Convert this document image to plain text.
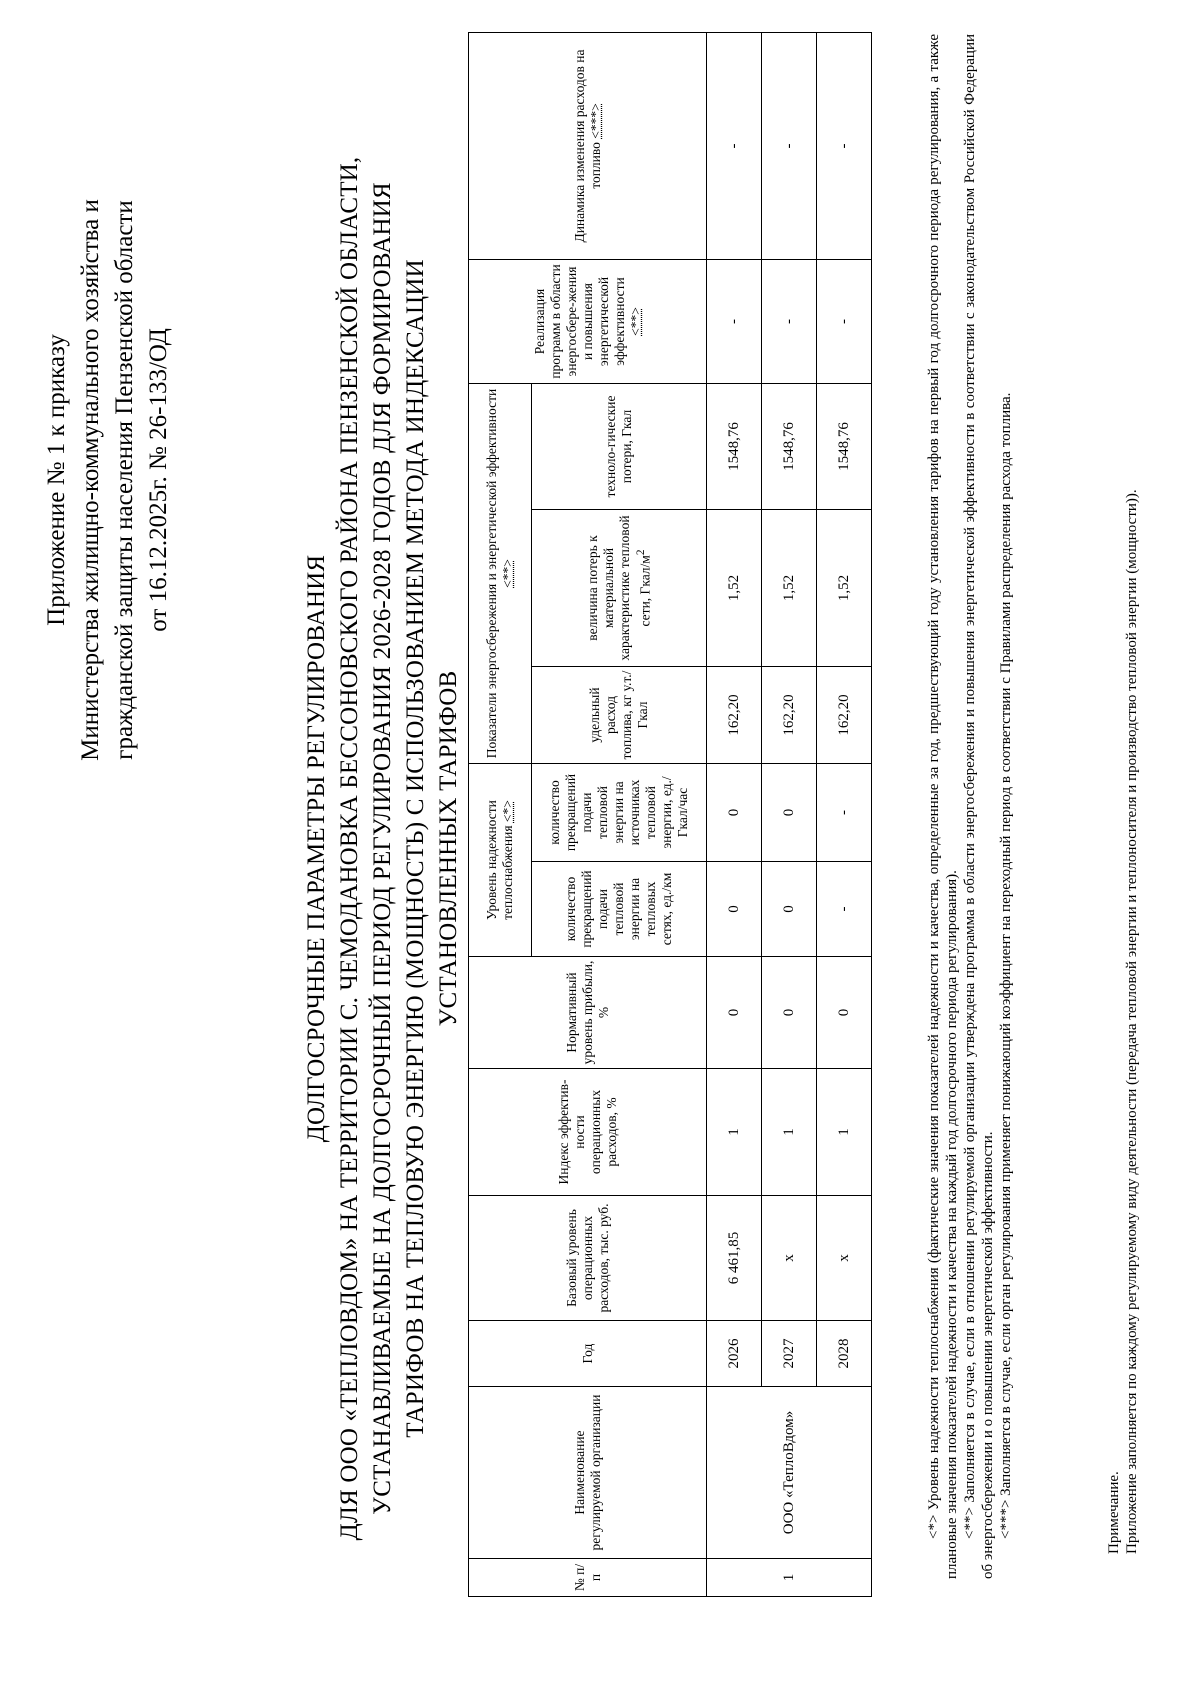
Приложение № 1 к приказу Министерства жилищно-коммунального хозяйства и гражданской защиты населения Пензенской области от 16.12.2025г. № 26-133/ОД
ДОЛГОСРОЧНЫЕ ПАРАМЕТРЫ РЕГУЛИРОВАНИЯ ДЛЯ ООО «ТЕПЛОВДОМ» НА ТЕРРИТОРИИ С. ЧЕМОДАНОВКА БЕССОНОВСКОГО РАЙОНА ПЕНЗЕНСКОЙ ОБЛАСТИ, УСТАНАВЛИВАЕМЫЕ НА ДОЛГОСРОЧНЫЙ ПЕРИОД РЕГУЛИРОВАНИЯ 2026-2028 ГОДОВ ДЛЯ ФОРМИРОВАНИЯ ТАРИФОВ НА ТЕПЛОВУЮ ЭНЕРГИЮ (МОЩНОСТЬ) С ИСПОЛЬЗОВАНИЕМ МЕТОДА ИНДЕКСАЦИИ УСТАНОВЛЕННЫХ ТАРИФОВ
№ п/п	Наименование регулируемой организации	Год	Базовый уровень операционных расходов, тыс. руб.	Индекс эффектив-ности операционных расходов, %	Нормативный уровень прибыли, %	Уровень надежности теплоснабжения <*>		Показатели энергосбережения и энергетической эффективности <**>			Реализация программ в области энергосбере-жения и повышения энергетической эффективности <**>	Динамика изменения расходов на топливо <***>
						количество прекращений подачи тепловой энергии на тепловых сетях, ед./км	количество прекращений подачи тепловой энергии на источниках тепловой энергии, ед./Гкал/час	удельный расход топлива, кг у.т./Гкал	величина потерь к материальной характеристике тепловой сети, Гкал/$м^2$	техноло-гические потери, Гкал		
1	ООО «ТеплоВдом»	2026	6 461,85	1	0	0	0	162,20	1,52	1548,76	-	-
		2027	x	1	0	0	0	162,20	1,52	1548,76	-	-
		2028	x	1	0	-	-	162,20	1,52	1548,76	-	-	<*> Уровень надежности теплоснабжения (фактические значения показателей надежности и качества, определенные за год, предшествующий году установления тарифов на первый год долгосрочного периода регулирования, а также плановые значения показателей надежности и качества на каждый год долгосрочного периода регулирования). <**> Заполняется в случае, если в отношении регулируемой организации утверждена программа в области энергосбережения и повышения энергетической эффективности в соответствии с законодательством Российской Федерации об энергосбережении и о повышении энергетической эффективности. <***> Заполняется в случае, если орган регулирования применяет понижающий коэффициент на переходный период в соответствии с Правилами распределения расхода топлива.	Примечание. Приложение заполняется по каждому регулируемому виду деятельности (передача тепловой энергии и теплоносителя и производство тепловой энергии (мощности)).
